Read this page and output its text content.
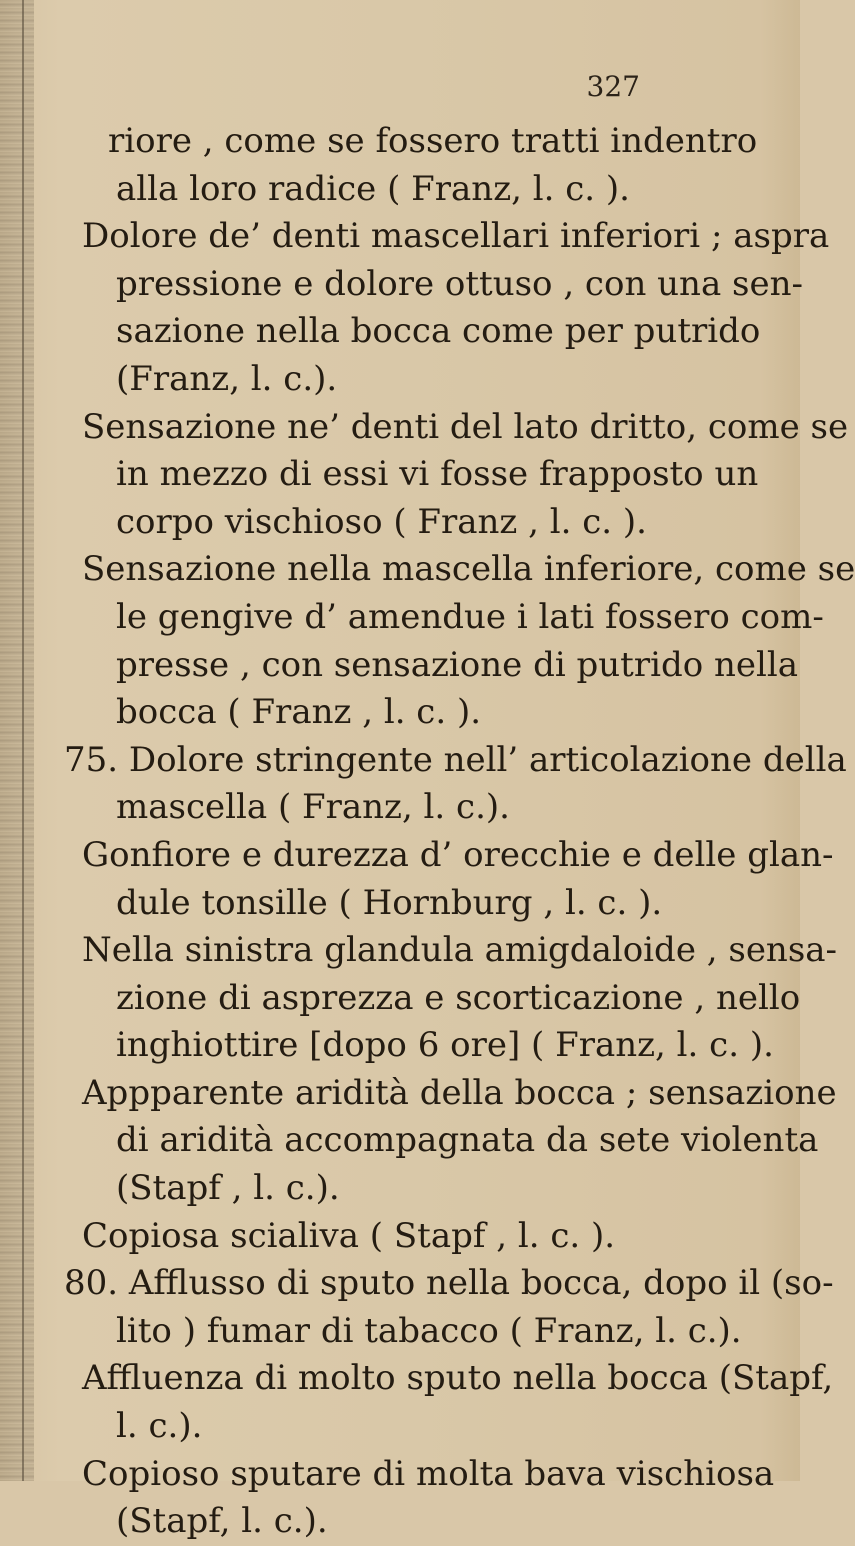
327
riore , come se fossero tratti indentro
alla loro radice ( Franz, l. c. ).
Dolore de’ denti mascellari inferiori ; aspra
pressione e dolore ottuso , con una sen-
sazione nella bocca come per putrido
(Franz, l. c.).
Sensazione ne’ denti del lato dritto, come se
in mezzo di essi vi fosse frapposto un
corpo vischioso ( Franz , l. c. ).
Sensazione nella mascella inferiore, come se
le gengive d’ amendue i lati fossero com-
presse , con sensazione di putrido nella
bocca ( Franz , l. c. ).
75. Dolore stringente nell’ articolazione della
mascella ( Franz, l. c.).
Gonfiore e durezza d’ orecchie e delle glan-
dule tonsille ( Hornburg , l. c. ).
Nella sinistra glandula amigdaloide , sensa-
zione di asprezza e scorticazione , nello
inghiottire [dopo 6 ore] ( Franz, l. c. ).
Appparente aridità della bocca ; sensazione
di aridità accompagnata da sete violenta
(Stapf , l. c.).
Copiosa scialiva ( Stapf , l. c. ).
80. Afflusso di sputo nella bocca, dopo il (so-
lito ) fumar di tabacco ( Franz, l. c.).
Affluenza di molto sputo nella bocca (Stapf,
l. c.).
Copioso sputare di molta bava vischiosa
(Stapf, l. c.).
